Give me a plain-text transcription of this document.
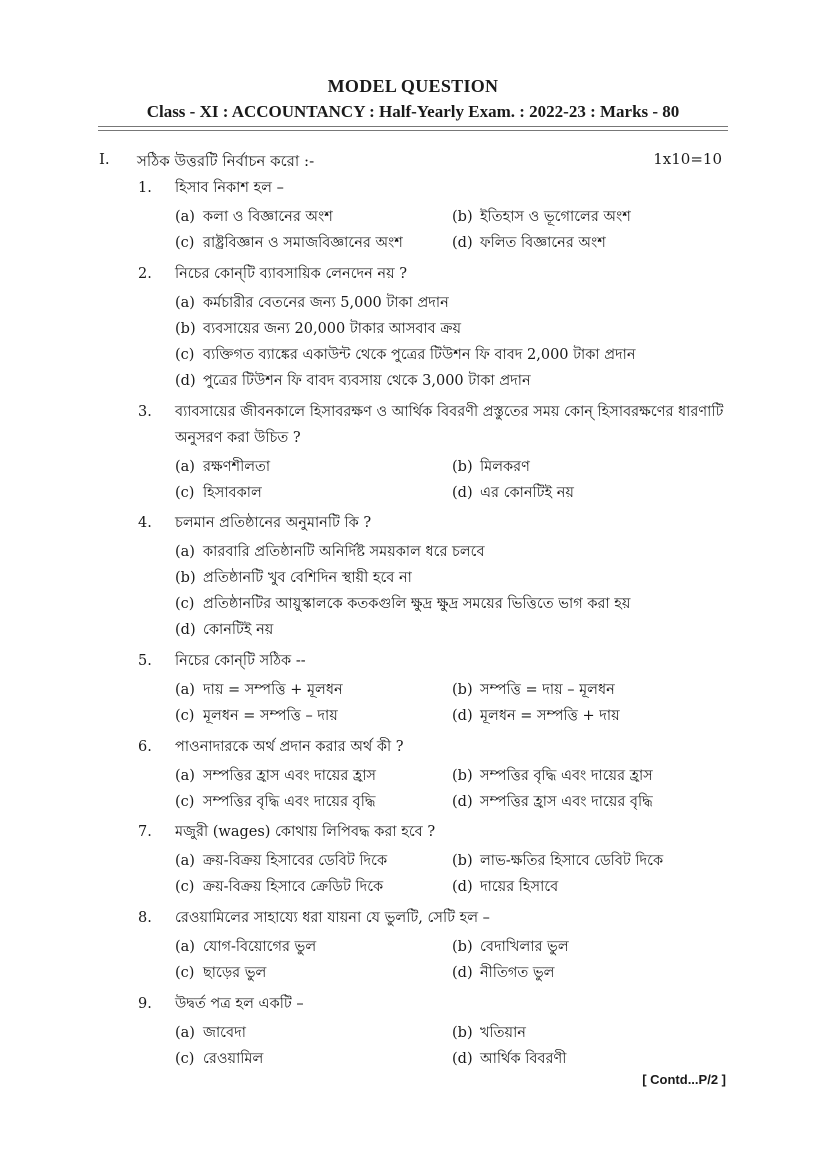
MODEL QUESTION
Class - XI : ACCOUNTANCY : Half-Yearly Exam. : 2022-23 : Marks - 80
I. সঠিক উত্তরটি নির্বাচন করো :-	1x10=10
1. হিসাব নিকাশ হল –
(a) কলা ও বিজ্ঞানের অংশ	(b) ইতিহাস ও ভূগোলের অংশ
(c) রাষ্ট্রবিজ্ঞান ও সমাজবিজ্ঞানের অংশ	(d) ফলিত বিজ্ঞানের অংশ
2. নিচের কোন্‌টি ব্যাবসায়িক লেনদেন নয় ?
(a) কর্মচারীর বেতনের জন্য 5,000 টাকা প্রদান
(b) ব্যবসায়ের জন্য 20,000 টাকার আসবাব ক্রয়
(c) ব্যক্তিগত ব্যাঙ্কের একাউন্ট থেকে পুত্রের টিউশন ফি বাবদ 2,000 টাকা প্রদান
(d) পুত্রের টিউশন ফি বাবদ ব্যবসায় থেকে 3,000 টাকা প্রদান
3. ব্যাবসায়ের জীবনকালে হিসাবরক্ষণ ও আর্থিক বিবরণী প্রস্তুতের সময় কোন্‌ হিসাবরক্ষণের ধারণাটি অনুসরণ করা উচিত ?
(a) রক্ষণশীলতা	(b) মিলকরণ
(c) হিসাবকাল	(d) এর কোনটিই নয়
4. চলমান প্রতিষ্ঠানের অনুমানটি কি ?
(a) কারবারি প্রতিষ্ঠানটি অনির্দিষ্ট সময়কাল ধরে চলবে
(b) প্রতিষ্ঠানটি খুব বেশিদিন স্থায়ী হবে না
(c) প্রতিষ্ঠানটির আয়ুস্কালকে কতকগুলি ক্ষুদ্র ক্ষুদ্র সময়ের ভিত্তিতে ভাগ করা হয়
(d) কোনটিই নয়
5. নিচের কোন্‌টি সঠিক --
(a) দায় = সম্পত্তি + মূলধন	(b) সম্পত্তি = দায় – মূলধন
(c) মূলধন = সম্পত্তি – দায়	(d) মূলধন = সম্পত্তি + দায়
6. পাওনাদারকে অর্থ প্রদান করার অর্থ কী ?
(a) সম্পত্তির হ্রাস এবং দায়ের হ্রাস	(b) সম্পত্তির বৃদ্ধি এবং দায়ের হ্রাস
(c) সম্পত্তির বৃদ্ধি এবং দায়ের বৃদ্ধি	(d) সম্পত্তির হ্রাস এবং দায়ের বৃদ্ধি
7. মজুরী (wages) কোথায় লিপিবদ্ধ করা হবে ?
(a) ক্রয়-বিক্রয় হিসাবের ডেবিট দিকে	(b) লাভ-ক্ষতির হিসাবে ডেবিট দিকে
(c) ক্রয়-বিক্রয় হিসাবে ক্রেডিট দিকে	(d) দায়ের হিসাবে
8. রেওয়ামিলের সাহায্যে ধরা যায়না যে ভুলটি, সেটি হল –
(a) যোগ-বিয়োগের ভুল	(b) বেদাখিলার ভুল
(c) ছাড়ের ভুল	(d) নীতিগত ভুল
9. উদ্বর্ত পত্র হল একটি –
(a) জাবেদা	(b) খতিয়ান
(c) রেওয়ামিল	(d) আর্থিক বিবরণী
[ Contd...P/2 ]
